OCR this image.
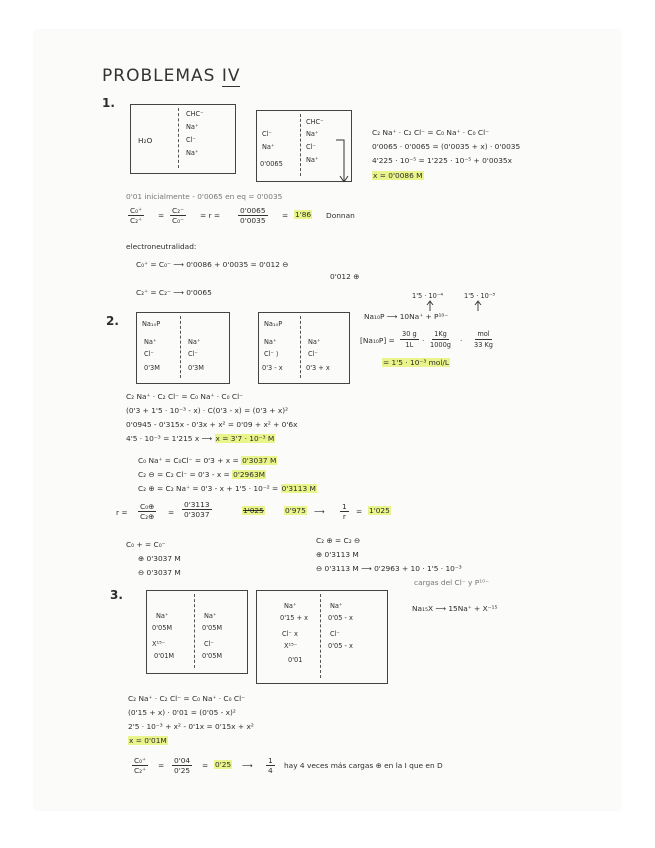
PROBLEMAS IV
1.
H₂O
CHC⁻
Na⁺
Cl⁻
Na⁺
Cl⁻
Na⁺
0'0065
CHC⁻
Na⁺
Cl⁻
Na⁺
C₂ Na⁺ · C₂ Cl⁻ = C₀ Na⁺ · C₀ Cl⁻
0'0065 · 0'0065 = (0'0035 + x) · 0'0035
4'225 · 10⁻⁵ = 1'225 · 10⁻⁵ + 0'0035x
x = 0'0086 M
0'01 inicialmente - 0'0065 en eq = 0'0035
$\frac{\text{C₀⁺}}{\text{C₂⁺}} = \frac{\text{C₂⁻}}{\text{C₀⁻}} = r = \frac{0'0065}{0'0035} = 1'86$ Donnan
electroneutralidad:
C₀⁺ = C₀⁻ ⟶ 0'0086 + 0'0035 = 0'012 ⊖
0'012 ⊕
C₂⁺ = C₂⁻ ⟶ 0'0065
2.	Na₁₀P
Na⁺
Cl⁻
0'3M
Na⁺
Cl⁻
0'3M
Na₁₀P
Na⁺
Cl⁻ ⟩
0'3 - x
Na⁺
Cl⁻
0'3 + x
1'5 · 10⁻⁴	1'5 · 10⁻³
Na₁₀P ⟶ 10Na⁺ + P¹⁰⁻
$[Na_{10}P] = \frac{30 g}{1L} \cdot \frac{1Kg}{1000g}$ ·
mol
33 Kg
= 1'5 · 10⁻³ mol/L
C₂ Na⁺ · C₂ Cl⁻ = C₀ Na⁺ · C₀ Cl⁻
(0'3 + 1'5 · 10⁻³ - x) · C(0'3 - x) = (0'3 + x)²
0'0945 - 0'315x - 0'3x + x² = 0'09 + x² + 0'6x
4'5 · 10⁻³ = 1'215 x ⟶ x = 3'7 · 10⁻³ M
C₀ Na⁺ = C₀Cl⁻ = 0'3 + x = 0'3037 M
C₂ ⊖ = C₂ Cl⁻ = 0'3 - x = 0'2963M
C₂ ⊕ = C₂ Na⁺ = 0'3 - x + 1'5 · 10⁻² = 0'3113 M
$r = \frac{\text{C₀⊕}}{\text{C₂⊕}} = \frac{0'3113}{0'3037}$	1'025	0'975 ⟶ $\frac{1}{r} = 1'025$
C₀ + = C₀⁻
⊕ 0'3037 M
⊖ 0'3037 M
C₂ ⊕ = C₂ ⊖
⊕ 0'3113 M
⊖ 0'3113 M ⟶ 0'2963 + 10 · 1'5 · 10⁻³
cargas del Cl⁻ y P¹⁰⁻
3.
Na⁺
0'05M
X¹⁵⁻
0'01M
Na⁺
0'05M
Cl⁻
0'05M
Na⁺
0'15 + x
Cl⁻ x
X¹⁵⁻
0'01
Na⁺
0'05 - x
Cl⁻
0'05 - x
Na₁₅X ⟶ 15Na⁺ + X⁻¹⁵
C₂ Na⁺ · C₂ Cl⁻ = C₀ Na⁺ · C₀ Cl⁻
(0'15 + x) · 0'01 = (0'05 - x)²
2'5 · 10⁻³ + x² - 0'1x = 0'15x + x²
x = 0'01M
$\frac{\text{C₀⁺}}{\text{C₂⁺}} = \frac{0'04}{0'25} = 0'25$ ⟶ $\frac{1}{4}$ hay 4 veces más cargas ⊕ en la I que en D
